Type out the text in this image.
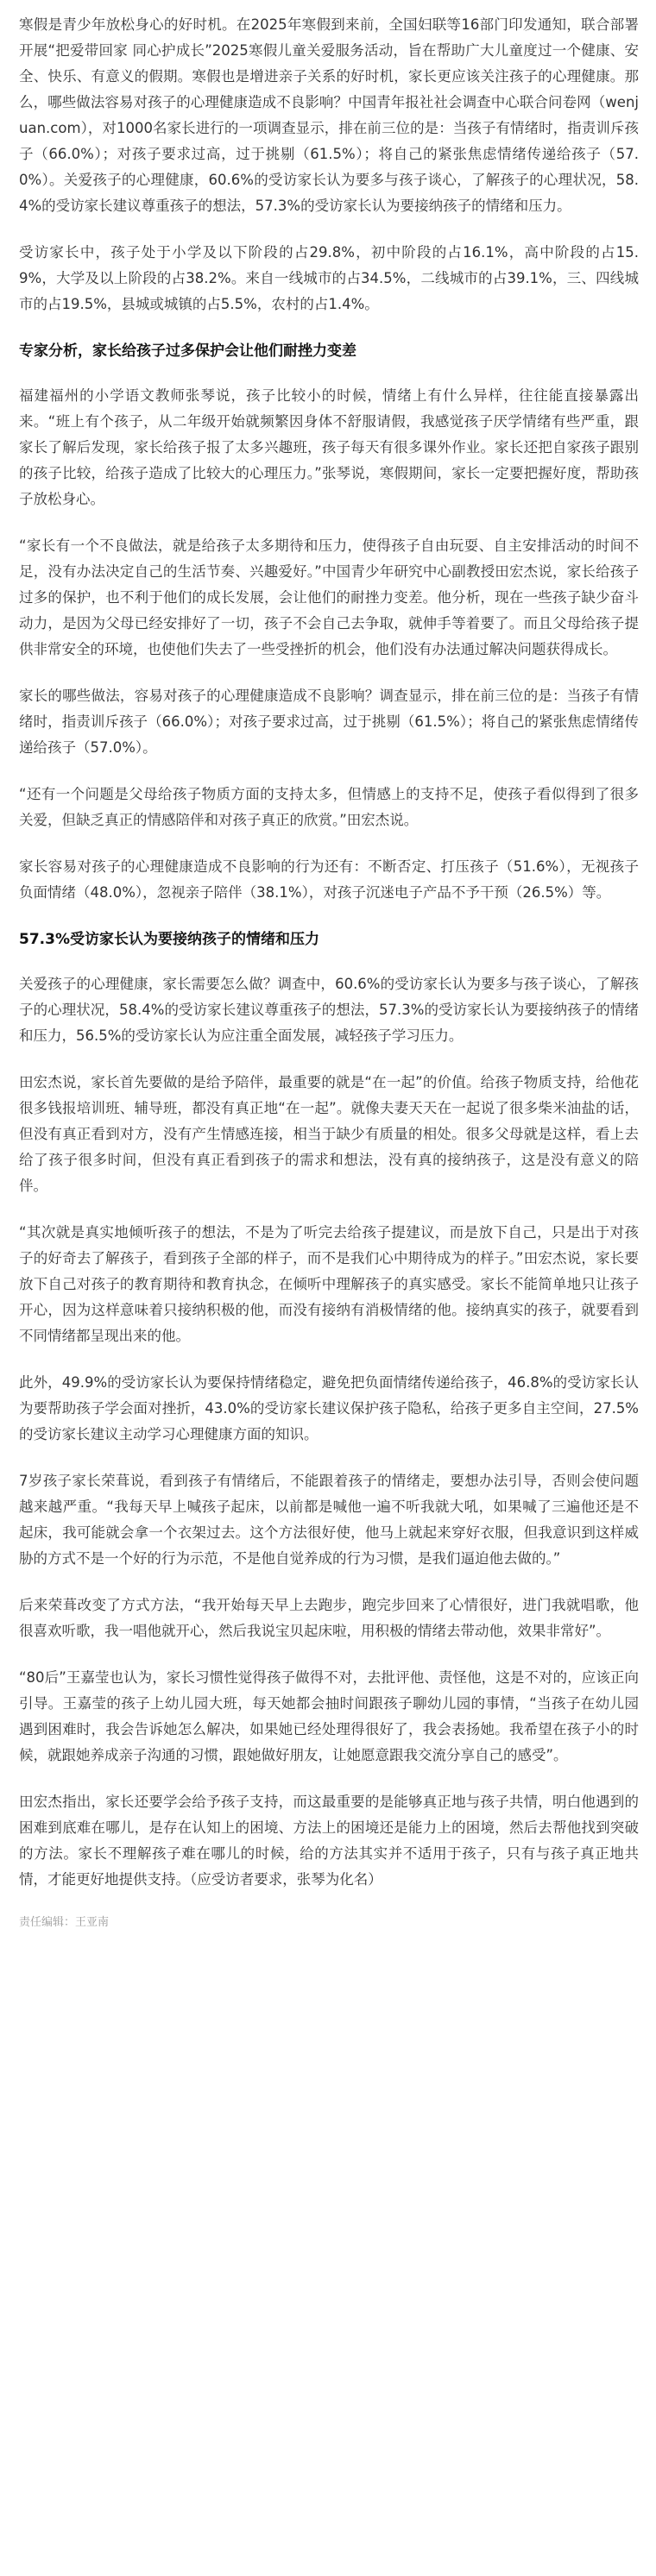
寒假是青少年放松身心的好时机。在2025年寒假到来前，全国妇联等16部门印发通知，联合部署开展“把爱带回家 同心护成长”2025寒假儿童关爱服务活动，旨在帮助广大儿童度过一个健康、安全、快乐、有意义的假期。寒假也是增进亲子关系的好时机，家长更应该关注孩子的心理健康。那么，哪些做法容易对孩子的心理健康造成不良影响？中国青年报社社会调查中心联合问卷网（wenjuan.com），对1000名家长进行的一项调查显示，排在前三位的是：当孩子有情绪时，指责训斥孩子（66.0%）；对孩子要求过高，过于挑剔（61.5%）；将自己的紧张焦虑情绪传递给孩子（57.0%）。关爱孩子的心理健康，60.6%的受访家长认为要多与孩子谈心，了解孩子的心理状况，58.4%的受访家长建议尊重孩子的想法，57.3%的受访家长认为要接纳孩子的情绪和压力。

受访家长中，孩子处于小学及以下阶段的占29.8%，初中阶段的占16.1%，高中阶段的占15.9%，大学及以上阶段的占38.2%。来自一线城市的占34.5%，二线城市的占39.1%，三、四线城市的占19.5%，县城或城镇的占5.5%，农村的占1.4%。

专家分析，家长给孩子过多保护会让他们耐挫力变差

福建福州的小学语文教师张琴说，孩子比较小的时候，情绪上有什么异样，往往能直接暴露出来。“班上有个孩子，从二年级开始就频繁因身体不舒服请假，我感觉孩子厌学情绪有些严重，跟家长了解后发现，家长给孩子报了太多兴趣班，孩子每天有很多课外作业。家长还把自家孩子跟别的孩子比较，给孩子造成了比较大的心理压力。”张琴说，寒假期间，家长一定要把握好度，帮助孩子放松身心。

“家长有一个不良做法，就是给孩子太多期待和压力，使得孩子自由玩耍、自主安排活动的时间不足，没有办法决定自己的生活节奏、兴趣爱好。”中国青少年研究中心副教授田宏杰说，家长给孩子过多的保护，也不利于他们的成长发展，会让他们的耐挫力变差。他分析，现在一些孩子缺少奋斗动力，是因为父母已经安排好了一切，孩子不会自己去争取，就伸手等着要了。而且父母给孩子提供非常安全的环境，也使他们失去了一些受挫折的机会，他们没有办法通过解决问题获得成长。

家长的哪些做法，容易对孩子的心理健康造成不良影响？调查显示，排在前三位的是：当孩子有情绪时，指责训斥孩子（66.0%）；对孩子要求过高，过于挑剔（61.5%）；将自己的紧张焦虑情绪传递给孩子（57.0%）。

“还有一个问题是父母给孩子物质方面的支持太多，但情感上的支持不足，使孩子看似得到了很多关爱，但缺乏真正的情感陪伴和对孩子真正的欣赏。”田宏杰说。

家长容易对孩子的心理健康造成不良影响的行为还有：不断否定、打压孩子（51.6%），无视孩子负面情绪（48.0%），忽视亲子陪伴（38.1%），对孩子沉迷电子产品不予干预（26.5%）等。

57.3%受访家长认为要接纳孩子的情绪和压力

关爱孩子的心理健康，家长需要怎么做？调查中，60.6%的受访家长认为要多与孩子谈心，了解孩子的心理状况，58.4%的受访家长建议尊重孩子的想法，57.3%的受访家长认为要接纳孩子的情绪和压力，56.5%的受访家长认为应注重全面发展，减轻孩子学习压力。

田宏杰说，家长首先要做的是给予陪伴，最重要的就是“在一起”的价值。给孩子物质支持，给他花很多钱报培训班、辅导班，都没有真正地“在一起”。就像夫妻天天在一起说了很多柴米油盐的话，但没有真正看到对方，没有产生情感连接，相当于缺少有质量的相处。很多父母就是这样，看上去给了孩子很多时间，但没有真正看到孩子的需求和想法，没有真的接纳孩子，这是没有意义的陪伴。

“其次就是真实地倾听孩子的想法，不是为了听完去给孩子提建议，而是放下自己，只是出于对孩子的好奇去了解孩子，看到孩子全部的样子，而不是我们心中期待成为的样子。”田宏杰说，家长要放下自己对孩子的教育期待和教育执念，在倾听中理解孩子的真实感受。家长不能简单地只让孩子开心，因为这样意味着只接纳积极的他，而没有接纳有消极情绪的他。接纳真实的孩子，就要看到不同情绪都呈现出来的他。

此外，49.9%的受访家长认为要保持情绪稳定，避免把负面情绪传递给孩子，46.8%的受访家长认为要帮助孩子学会面对挫折，43.0%的受访家长建议保护孩子隐私，给孩子更多自主空间，27.5%的受访家长建议主动学习心理健康方面的知识。

7岁孩子家长荣葺说，看到孩子有情绪后，不能跟着孩子的情绪走，要想办法引导，否则会使问题越来越严重。“我每天早上喊孩子起床，以前都是喊他一遍不听我就大吼，如果喊了三遍他还是不起床，我可能就会拿一个衣架过去。这个方法很好使，他马上就起来穿好衣服，但我意识到这样威胁的方式不是一个好的行为示范，不是他自觉养成的行为习惯，是我们逼迫他去做的。”

后来荣葺改变了方式方法，“我开始每天早上去跑步，跑完步回来了心情很好，进门我就唱歌，他很喜欢听歌，我一唱他就开心，然后我说宝贝起床啦，用积极的情绪去带动他，效果非常好”。

“80后”王嘉莹也认为，家长习惯性觉得孩子做得不对，去批评他、责怪他，这是不对的，应该正向引导。王嘉莹的孩子上幼儿园大班，每天她都会抽时间跟孩子聊幼儿园的事情，“当孩子在幼儿园遇到困难时，我会告诉她怎么解决，如果她已经处理得很好了，我会表扬她。我希望在孩子小的时候，就跟她养成亲子沟通的习惯，跟她做好朋友，让她愿意跟我交流分享自己的感受”。

田宏杰指出，家长还要学会给予孩子支持，而这最重要的是能够真正地与孩子共情，明白他遇到的困难到底难在哪儿，是存在认知上的困境、方法上的困境还是能力上的困境，然后去帮他找到突破的方法。家长不理解孩子难在哪儿的时候，给的方法其实并不适用于孩子，只有与孩子真正地共情，才能更好地提供支持。（应受访者要求，张琴为化名）

责任编辑：王亚南
